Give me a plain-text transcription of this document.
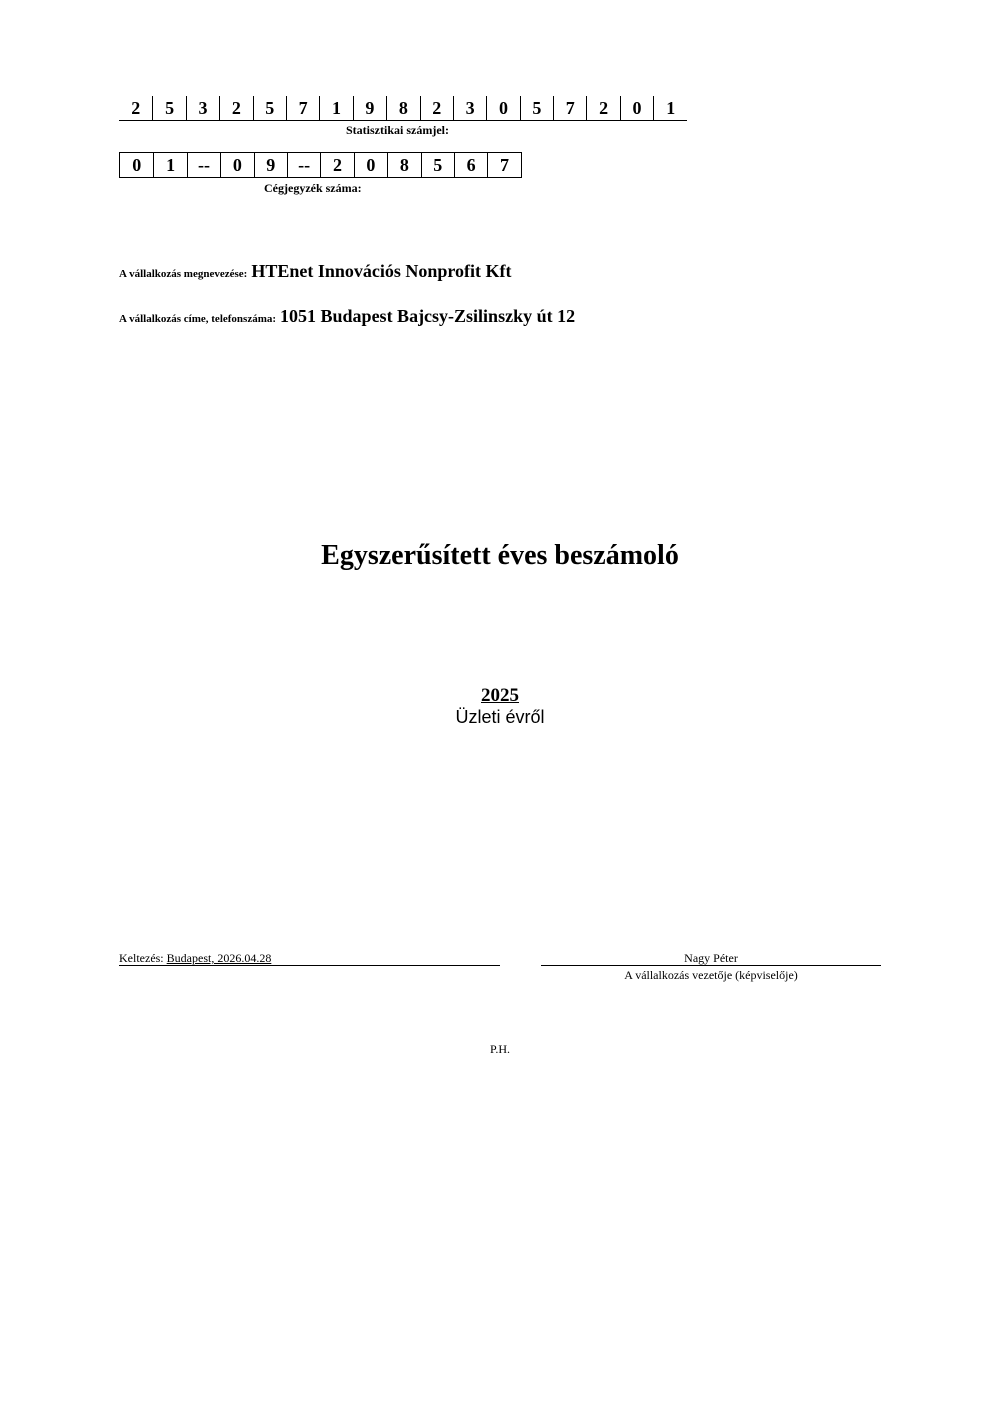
2	5	3	2	5	7	1	9	8	2	3	0	5	7	2	0	1
Statisztikai számjel:
0	1	--	0	9	--	2	0	8	5	6	7
Cégjegyzék száma:
A vállalkozás megnevezése: HTEnet Innovációs Nonprofit Kft
A vállalkozás címe, telefonszáma: 1051 Budapest Bajcsy-Zsilinszky út 12
Egyszerűsített éves beszámoló
2025
Üzleti évről
Keltezés: Budapest, 2026.04.28	Nagy Péter
A vállalkozás vezetője (képviselője)
P.H.
